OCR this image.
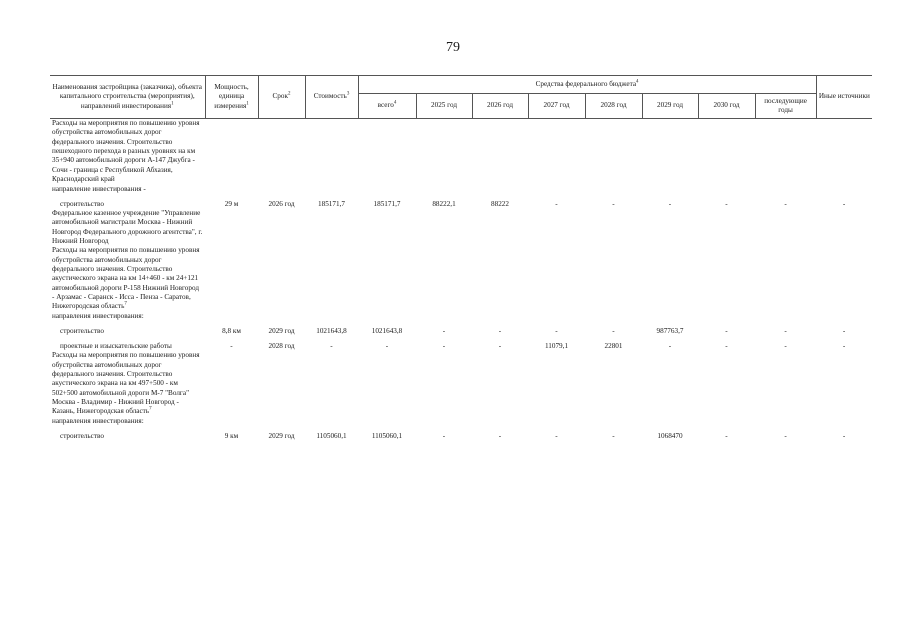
79
Наименования застройщика (заказчика), объекта капитального строительства (мероприятия), направлений инвестирования$^1$	Мощность, единица измерения$^1$	Срок$^2$	Стоимость$^3$	Средства федерального бюджета$^4$								Иные источники
				всего$^4$	2025 год	2026 год	2027 год	2028 год	2029 год	2030 год	последующие годы	
Расходы на мероприятия по повышению уровня обустройства автомобильных дорог федерального значения. Строительство пешеходного перехода в разных уровнях на км 35+940 автомобильной дороги А-147 Джубга - Сочи - граница с Республикой Абхазия, Краснодарский край												
направление инвестирования -												
строительство	29 м	2026 год	185171,7	185171,7	88222,1	88222	-	-	-	-	-	-
Федеральное казенное учреждение "Управление автомобильной магистрали Москва - Нижний Новгород Федерального дорожного агентства", г. Нижний Новгород												
Расходы на мероприятия по повышению уровня обустройства автомобильных дорог федерального значения. Строительство акустического экрана на км 14+460 - км 24+121 автомобильной дороги Р-158 Нижний Новгород - Арзамас - Саранск - Исса - Пенза - Саратов, Нижегородская область$^7$	
направления инвестирования:												
строительство	8,8 км	2029 год	1021643,8	1021643,8	-	-	-	-	987763,7	-	-	-
проектные и изыскательские работы	-	2028 год	-	-	-	-	11079,1	22801	-	-	-	-
Расходы на мероприятия по повышению уровня обустройства автомобильных дорог федерального значения. Строительство акустического экрана на км 497+500 - км 502+500 автомобильной дороги М-7 "Волга" Москва - Владимир - Нижний Новгород - Казань, Нижегородская область$^7$	
направления инвестирования:												
строительство	9 км	2029 год	1105060,1	1105060,1	-	-	-	-	1068470	-	-	-
